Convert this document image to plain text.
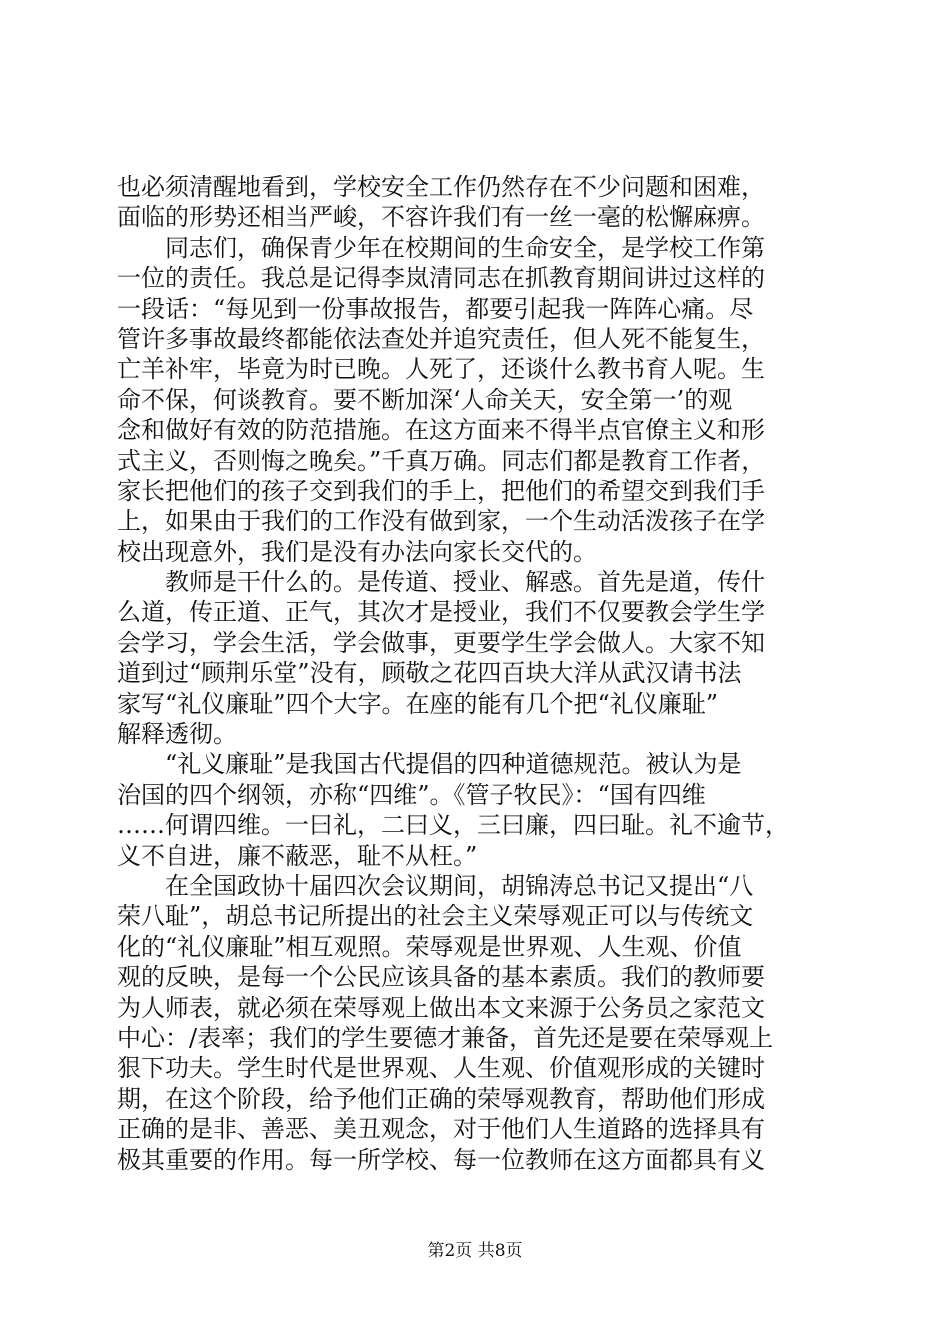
也必须清醒地看到，学校安全工作仍然存在不少问题和困难，
面临的形势还相当严峻，不容许我们有一丝一毫的松懈麻痹。
　　同志们，确保青少年在校期间的生命安全，是学校工作第
一位的责任。我总是记得李岚清同志在抓教育期间讲过这样的
一段话：“每见到一份事故报告，都要引起我一阵阵心痛。尽
管许多事故最终都能依法查处并追究责任，但人死不能复生，
亡羊补牢，毕竟为时已晚。人死了，还谈什么教书育人呢。生
命不保，何谈教育。要不断加深‘人命关天，安全第一’的观
念和做好有效的防范措施。在这方面来不得半点官僚主义和形
式主义，否则悔之晚矣。”千真万确。同志们都是教育工作者，
家长把他们的孩子交到我们的手上，把他们的希望交到我们手
上，如果由于我们的工作没有做到家，一个生动活泼孩子在学
校出现意外，我们是没有办法向家长交代的。
　　教师是干什么的。是传道、授业、解惑。首先是道，传什
么道，传正道、正气，其次才是授业，我们不仅要教会学生学
会学习，学会生活，学会做事，更要学生学会做人。大家不知
道到过“顾荆乐堂”没有，顾敬之花四百块大洋从武汉请书法
家写“礼仪廉耻”四个大字。在座的能有几个把“礼仪廉耻”
解释透彻。
　　“礼义廉耻”是我国古代提倡的四种道德规范。被认为是
治国的四个纲领，亦称“四维”。《管子牧民》：“国有四维
……何谓四维。一曰礼，二曰义，三曰廉，四曰耻。礼不逾节，
义不自进，廉不蔽恶，耻不从枉。”
　　在全国政协十届四次会议期间，胡锦涛总书记又提出“八
荣八耻”，胡总书记所提出的社会主义荣辱观正可以与传统文
化的“礼仪廉耻”相互观照。荣辱观是世界观、人生观、价值
观的反映，是每一个公民应该具备的基本素质。我们的教师要
为人师表，就必须在荣辱观上做出本文来源于公务员之家范文
中心：/表率；我们的学生要德才兼备，首先还是要在荣辱观上
狠下功夫。学生时代是世界观、人生观、价值观形成的关键时
期，在这个阶段，给予他们正确的荣辱观教育，帮助他们形成
正确的是非、善恶、美丑观念，对于他们人生道路的选择具有
极其重要的作用。每一所学校、每一位教师在这方面都具有义
第2页 共8页
